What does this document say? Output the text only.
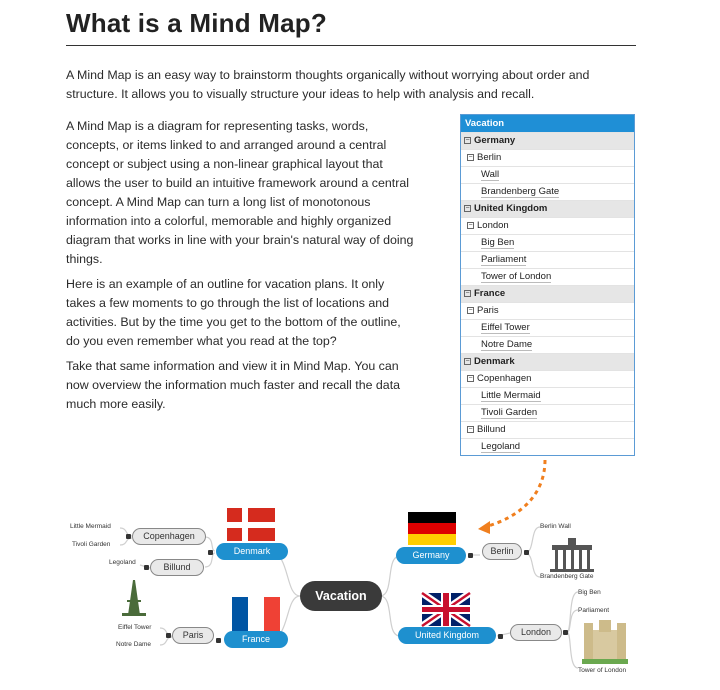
What is a Mind Map?

A Mind Map is an easy way to brainstorm thoughts organically without worrying about order and structure. It allows you to visually structure your ideas to help with analysis and recall.

A Mind Map is a diagram for representing tasks, words, concepts, or items linked to and arranged around a central concept or subject using a non-linear graphical layout that allows the user to build an intuitive framework around a central concept. A Mind Map can turn a long list of monotonous information into a colorful, memorable and highly organized diagram that works in line with your brain's natural way of doing things.

Here is an example of an outline for vacation plans. It only takes a few moments to go through the list of locations and activities. But by the time you get to the bottom of the outline, do you even remember what you read at the top?

Take that same information and view it in Mind Map. You can now overview the information much faster and recall the data much more easily.

Vacation
− Germany
− Berlin
Wall
Brandenberg Gate
− United Kingdom
− London
Big Ben
Parliament
Tower of London
− France
− Paris
Eiffel Tower
Notre Dame
− Denmark
− Copenhagen
Little Mermaid
Tivoli Garden
− Billund
Legoland
Vacation
Denmark
France
Germany
United Kingdom
Copenhagen
Billund
Paris
Berlin
London
Little Mermaid
Tivoli Garden
Legoland
Eiffel Tower
Notre Dame
Berlin Wall
Brandenberg Gate
Big Ben
Parliament
Tower of London
